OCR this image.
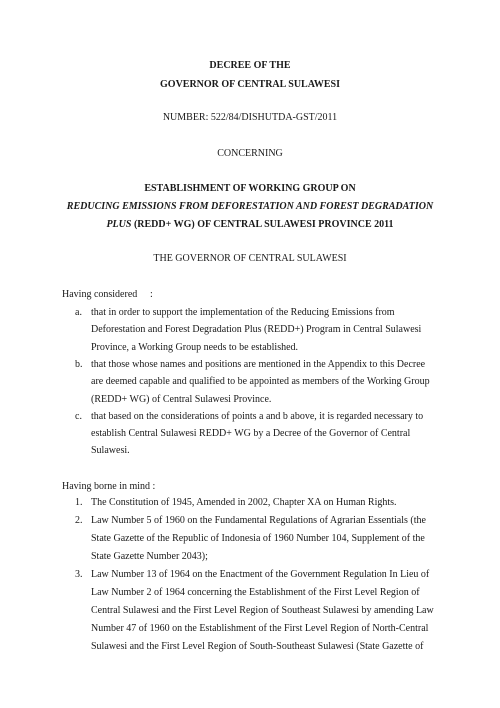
DECREE OF THE
GOVERNOR OF CENTRAL SULAWESI
NUMBER: 522/84/DISHUTDA-GST/2011
CONCERNING
ESTABLISHMENT OF WORKING GROUP ON
REDUCING EMISSIONS FROM DEFORESTATION AND FOREST DEGRADATION
PLUS (REDD+ WG) OF CENTRAL SULAWESI PROVINCE 2011
THE GOVERNOR OF CENTRAL SULAWESI
Having considered :
a. that in order to support the implementation of the Reducing Emissions from
Deforestation and Forest Degradation Plus (REDD+) Program in Central Sulawesi
Province, a Working Group needs to be established.
b. that those whose names and positions are mentioned in the Appendix to this Decree
are deemed capable and qualified to be appointed as members of the Working Group
(REDD+ WG) of Central Sulawesi Province.
c. that based on the considerations of points a and b above, it is regarded necessary to
establish Central Sulawesi REDD+ WG by a Decree of the Governor of Central
Sulawesi.
Having borne in mind :
1. The Constitution of 1945, Amended in 2002, Chapter XA on Human Rights.
2. Law Number 5 of 1960 on the Fundamental Regulations of Agrarian Essentials (the
State Gazette of the Republic of Indonesia of 1960 Number 104, Supplement of the
State Gazette Number 2043);
3. Law Number 13 of 1964 on the Enactment of the Government Regulation In Lieu of
Law Number 2 of 1964 concerning the Establishment of the First Level Region of
Central Sulawesi and the First Level Region of Southeast Sulawesi by amending Law
Number 47 of 1960 on the Establishment of the First Level Region of North-Central
Sulawesi and the First Level Region of South-Southeast Sulawesi (State Gazette of
